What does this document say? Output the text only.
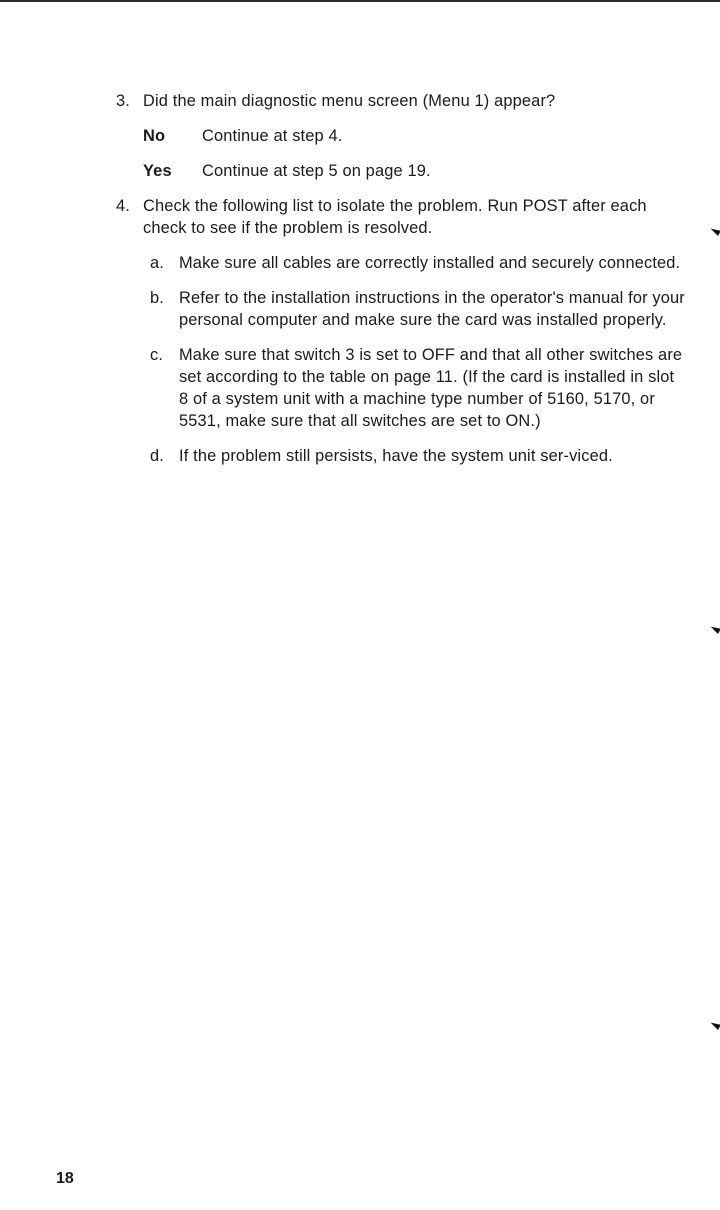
3. Did the main diagnostic menu screen (Menu 1) appear?
No	Continue at step 4.
Yes	Continue at step 5 on page 19.
4. Check the following list to isolate the problem. Run POST after each check to see if the problem is resolved.
a. Make sure all cables are correctly installed and securely connected.
b. Refer to the installation instructions in the operator's manual for your personal computer and make sure the card was installed properly.
c. Make sure that switch 3 is set to OFF and that all other switches are set according to the table on page 11. (If the card is installed in slot 8 of a system unit with a machine type number of 5160, 5170, or 5531, make sure that all switches are set to ON.)
d. If the problem still persists, have the system unit ser-viced.
18
